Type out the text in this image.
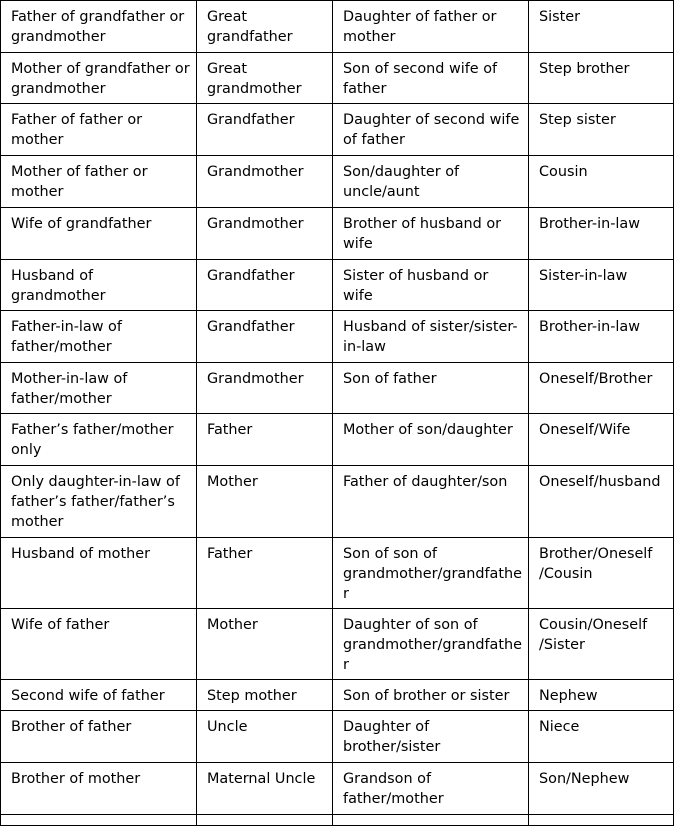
Father of grandfather or grandmother	Great grandfather	Daughter of father or mother	Sister
Mother of grandfather or grandmother	Great grandmother	Son of second wife of father	Step brother
Father of father or mother	Grandfather	Daughter of second wife of father	Step sister
Mother of father or mother	Grandmother	Son/daughter of uncle/aunt	Cousin
Wife of grandfather	Grandmother	Brother of husband or wife	Brother-in-law
Husband of grandmother	Grandfather	Sister of husband or wife	Sister-in-law
Father-in-law of father/mother	Grandfather	Husband of sister/sister-in-law	Brother-in-law
Mother-in-law of father/mother	Grandmother	Son of father	Oneself/Brother
Father’s father/mother only	Father	Mother of son/daughter	Oneself/Wife
Only daughter-in-law of father’s father/father’s mother	Mother	Father of daughter/son	Oneself/husband
Husband of mother	Father	Son of son of grandmother/grandfather	Brother/Oneself /Cousin
Wife of father	Mother	Daughter of son of grandmother/grandfather	Cousin/Oneself /Sister
Second wife of father	Step mother	Son of brother or sister	Nephew
Brother of father	Uncle	Daughter of brother/sister	Niece
Brother of mother	Maternal Uncle	Grandson of father/mother	Son/Nephew
